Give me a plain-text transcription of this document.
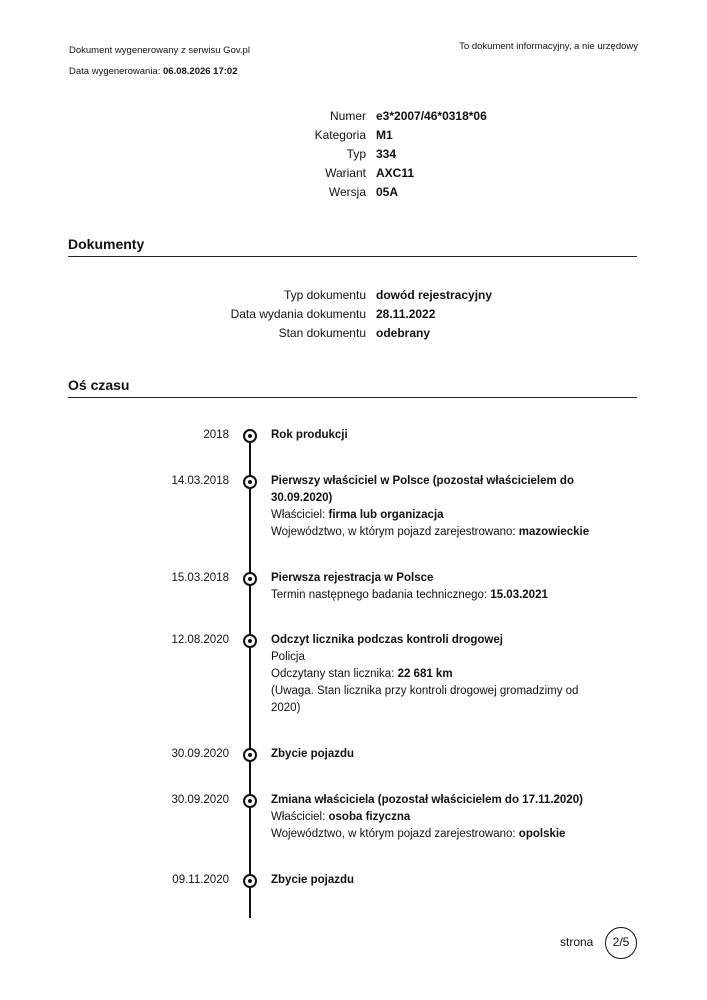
Dokument wygenerowany z serwisu Gov.pl
Data wygenerowania: 06.08.2026 17:02
To dokument informacyjny, a nie urzędowy
Numer e3*2007/46*0318*06
Kategoria M1
Typ 334
Wariant AXC11
Wersja 05A
Dokumenty
Typ dokumentu dowód rejestracyjny
Data wydania dokumentu 28.11.2022
Stan dokumentu odebrany
Oś czasu
2018	Rok produkcji
14.03.2018	Pierwszy właściciel w Polsce (pozostał właścicielem do 30.09.2020)
Właściciel: firma lub organizacja
Województwo, w którym pojazd zarejestrowano: mazowieckie
15.03.2018	Pierwsza rejestracja w Polsce
Termin następnego badania technicznego: 15.03.2021
12.08.2020	Odczyt licznika podczas kontroli drogowej
Policja
Odczytany stan licznika: 22 681 km
(Uwaga. Stan licznika przy kontroli drogowej gromadzimy od 2020)
30.09.2020	Zbycie pojazdu
30.09.2020	Zmiana właściciela (pozostał właścicielem do 17.11.2020)
Właściciel: osoba fizyczna
Województwo, w którym pojazd zarejestrowano: opolskie
09.11.2020	Zbycie pojazdu
strona	2/5
